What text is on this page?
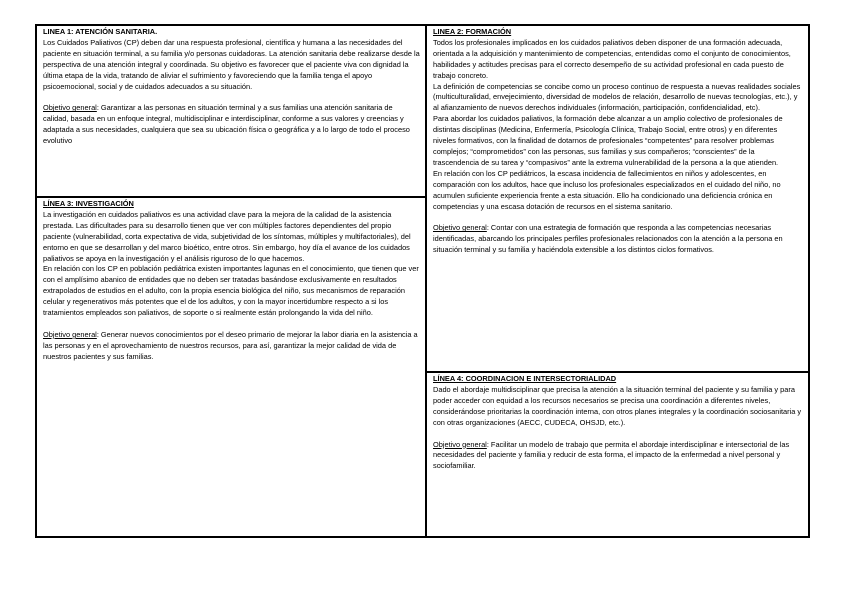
LINEA 1: ATENCIÓN SANITARIA.

Los Cuidados Paliativos (CP) deben dar una respuesta profesional, científica y humana a las necesidades del paciente en situación terminal, a su familia y/o personas cuidadoras. La atención sanitaria debe realizarse desde la perspectiva de una atención integral y coordinada. Su objetivo es favorecer que el paciente viva con dignidad la última etapa de la vida, tratando de aliviar el sufrimiento y favoreciendo que la familia tenga el apoyo psicoemocional, social y de cuidados adecuados a su situación.

Objetivo general: Garantizar a las personas en situación terminal y a sus familias una atención sanitaria de calidad, basada en un enfoque integral, multidisciplinar e interdisciplinar, conforme a sus valores y creencias y adaptada a sus necesidades, cualquiera que sea su ubicación física o geográfica y a lo largo de todo el proceso evolutivo

LÍNEA 3: INVESTIGACIÓN

La investigación en cuidados paliativos es una actividad clave para la mejora de la calidad de la asistencia prestada. Las dificultades para su desarrollo tienen que ver con múltiples factores dependientes del propio paciente (vulnerabilidad, corta expectativa de vida, subjetividad de los síntomas, múltiples y multifactoriales), del entorno en que se desarrollan y del marco bioético, entre otros. Sin embargo, hoy día el avance de los cuidados paliativos se apoya en la investigación y el análisis riguroso de lo que hacemos.

En relación con los CP en población pediátrica existen importantes lagunas en el conocimiento, que tienen que ver con el amplísimo abanico de entidades que no deben ser tratadas basándose exclusivamente en resultados extrapolados de estudios en el adulto, con la propia esencia biológica del niño, sus mecanismos de reparación celular y regenerativos más potentes que el de los adultos, y con la mayor incertidumbre respecto a si los tratamientos empleados son paliativos, de soporte o si realmente están prolongando la vida del niño.

Objetivo general: Generar nuevos conocimientos por el deseo primario de mejorar la labor diaria en la asistencia a las personas y en el aprovechamiento de nuestros recursos, para así, garantizar la mejor calidad de vida de nuestros pacientes y sus familias.

LINEA 2: FORMACIÓN

Todos los profesionales implicados en los cuidados paliativos deben disponer de una formación adecuada, orientada a la adquisición y mantenimiento de competencias, entendidas como el conjunto de conocimientos, habilidades y actitudes precisas para el correcto desempeño de su actividad profesional en cada puesto de trabajo concreto.

La definición de competencias se concibe como un proceso continuo de respuesta a nuevas realidades sociales (multiculturalidad, envejecimiento, diversidad de modelos de relación, desarrollo de nuevas tecnologías, etc.), y al afianzamiento de nuevos derechos individuales (información, participación, confidencialidad, etc).

Para abordar los cuidados paliativos, la formación debe alcanzar a un amplio colectivo de profesionales de distintas disciplinas (Medicina, Enfermería, Psicología Clínica, Trabajo Social, entre otros) y en diferentes niveles formativos, con la finalidad de dotarnos de profesionales “competentes” para resolver problemas complejos; “comprometidos” con las personas, sus familias y sus compañeros; “conscientes” de la trascendencia de su tarea y “compasivos” ante la extrema vulnerabilidad de la persona a la que atienden.

En relación con los CP pediátricos, la escasa incidencia de fallecimientos en niños y adolescentes, en comparación con los adultos, hace que incluso los profesionales especializados en el cuidado del niño, no acumulen suficiente experiencia frente a esta situación. Ello ha condicionado una deficiencia crónica en competencias y una escasa dotación de recursos en el sistema sanitario.

Objetivo general: Contar con una estrategia de formación que responda a las competencias necesarias identificadas, abarcando los principales perfiles profesionales relacionados con la atención a la persona en situación terminal y su familia y haciéndola extensible a los distintos ciclos formativos.

LÍNEA 4: COORDINACION E INTERSECTORIALIDAD

Dado el abordaje multidisciplinar que precisa la atención a la situación terminal del paciente y su familia y para poder acceder con equidad a los recursos necesarios se precisa una coordinación a diferentes niveles, considerándose prioritarias la coordinación interna, con otros planes integrales y la coordinación sociosanitaria y con otras organizaciones (AECC, CUDECA, OHSJD, etc.).

Objetivo general: Facilitar un modelo de trabajo que permita el abordaje interdisciplinar e intersectorial de las necesidades del paciente y familia y reducir de esta forma, el impacto de la enfermedad a nivel personal y sociofamiliar.
